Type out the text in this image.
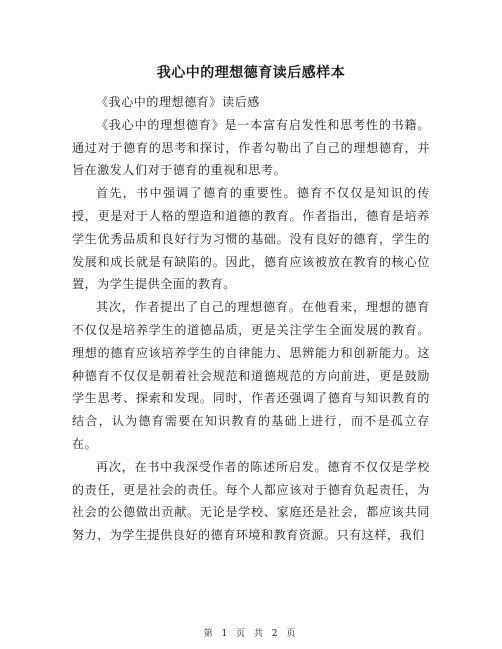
我心中的理想德育读后感样本

《我心中的理想德育》读后感

《我心中的理想德育》是一本富有启发性和思考性的书籍。通过对于德育的思考和探讨，作者勾勒出了自己的理想德育，并旨在激发人们对于德育的重视和思考。

首先，书中强调了德育的重要性。德育不仅仅是知识的传授，更是对于人格的塑造和道德的教育。作者指出，德育是培养学生优秀品质和良好行为习惯的基础。没有良好的德育，学生的发展和成长就是有缺陷的。因此，德育应该被放在教育的核心位置，为学生提供全面的教育。

其次，作者提出了自己的理想德育。在他看来，理想的德育不仅仅是培养学生的道德品质，更是关注学生全面发展的教育。理想的德育应该培养学生的自律能力、思辨能力和创新能力。这种德育不仅仅是朝着社会规范和道德规范的方向前进，更是鼓励学生思考、探索和发现。同时，作者还强调了德育与知识教育的结合，认为德育需要在知识教育的基础上进行，而不是孤立存在。

再次，在书中我深受作者的陈述所启发。德育不仅仅是学校的责任，更是社会的责任。每个人都应该对于德育负起责任，为社会的公德做出贡献。无论是学校、家庭还是社会，都应该共同努力，为学生提供良好的德育环境和教育资源。只有这样，我们

第 1 页 共 2 页
